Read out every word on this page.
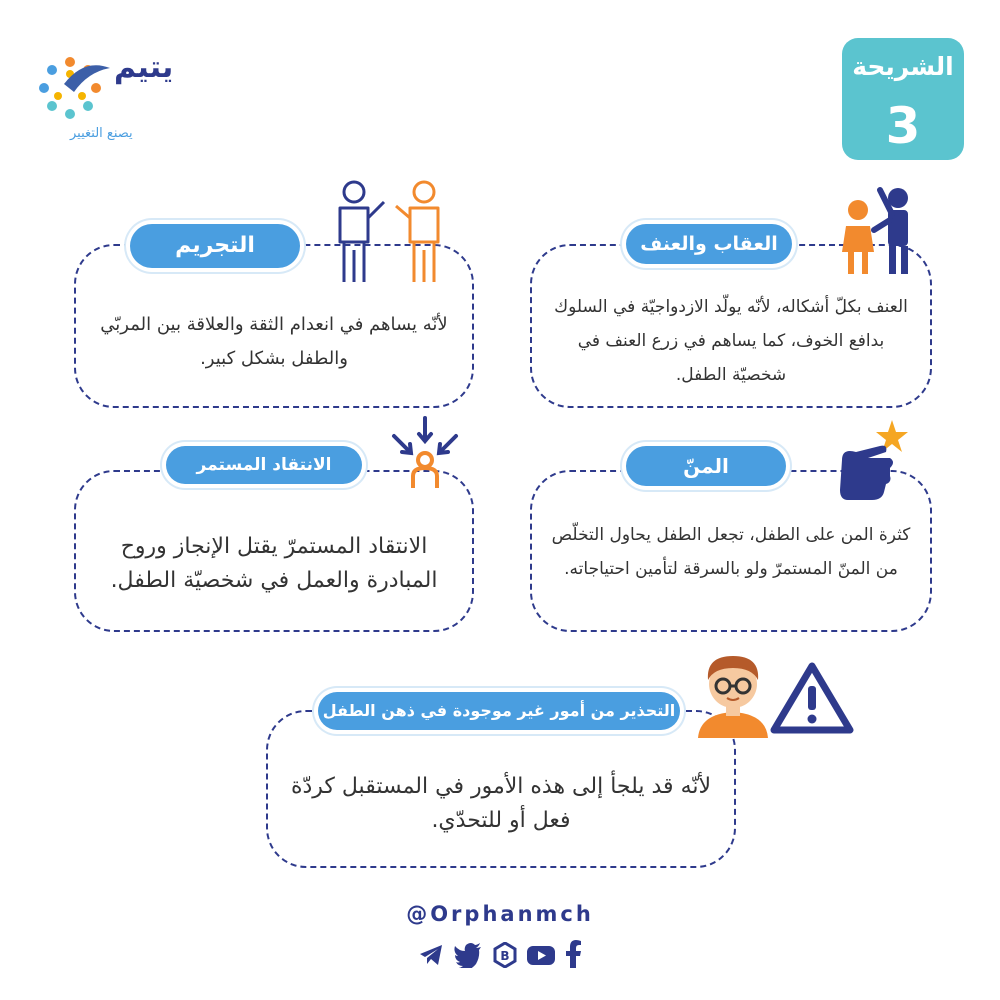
يتيم
يصنع التغيير
الشريحة
3
العنف بكلّ أشكاله، لأنّه يولّد الازدواجيّة في السلوك بدافع الخوف، كما يساهم في زرع العنف في شخصيّة الطفل.
العقاب والعنف
لأنّه يساهم في انعدام الثقة والعلاقة بين المربّي والطفل بشكل كبير.
التجريم
كثرة المن على الطفل، تجعل الطفل يحاول التخلّص من المنّ المستمرّ ولو بالسرقة لتأمين احتياجاته.
المنّ
الانتقاد المستمرّ يقتل الإنجاز وروح المبادرة والعمل في شخصيّة الطفل.
الانتقاد المستمر
لأنّه قد يلجأ إلى هذه الأمور في المستقبل كردّة فعل أو للتحدّي.
التحذير من أمور غير موجودة في ذهن الطفل
@Orphanmch
B
